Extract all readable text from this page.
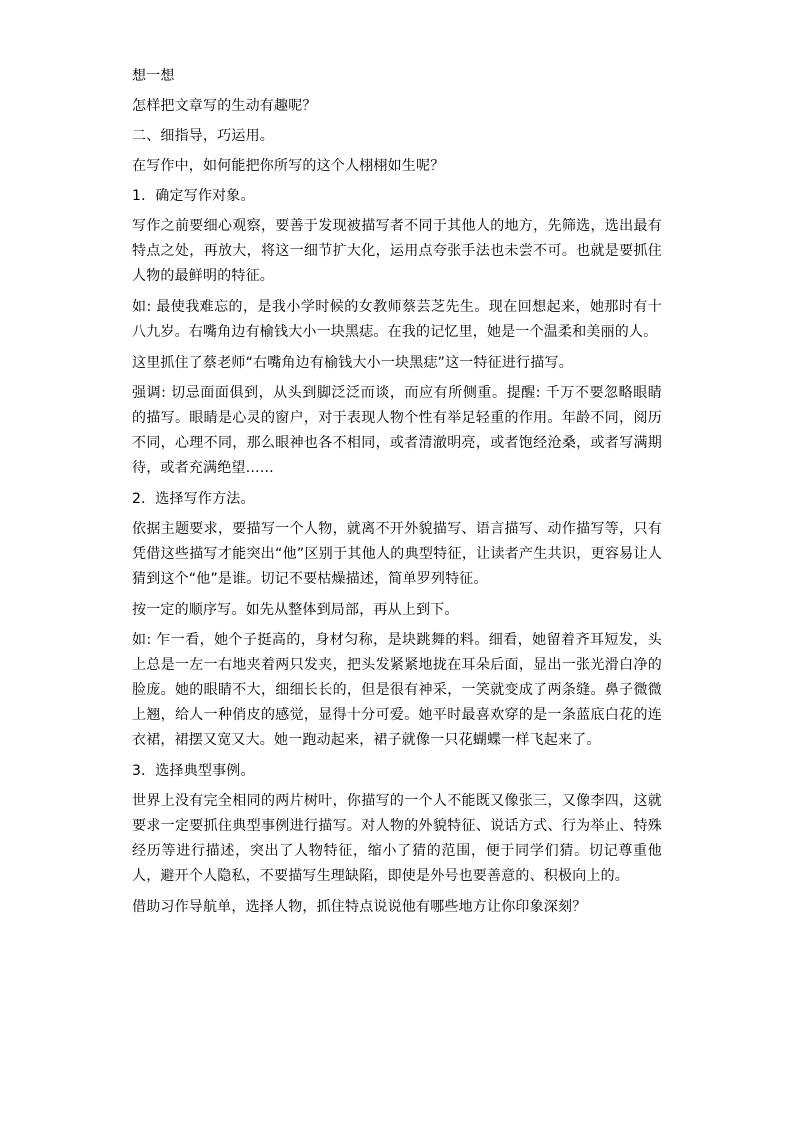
想一想

怎样把文章写的生动有趣呢？

二、细指导，巧运用。

在写作中，如何能把你所写的这个人栩栩如生呢？

1．确定写作对象。

写作之前要细心观察，要善于发现被描写者不同于其他人的地方，先筛选，选出最有特点之处，再放大，将这一细节扩大化，运用点夸张手法也未尝不可。也就是要抓住人物的最鲜明的特征。

如: 最使我难忘的，是我小学时候的女教师蔡芸芝先生。现在回想起来，她那时有十八九岁。右嘴角边有榆钱大小一块黑痣。在我的记忆里，她是一个温柔和美丽的人。

这里抓住了蔡老师“右嘴角边有榆钱大小一块黑痣”这一特征进行描写。

强调: 切忌面面俱到，从头到脚泛泛而谈，而应有所侧重。提醒: 千万不要忽略眼睛的描写。眼睛是心灵的窗户，对于表现人物个性有举足轻重的作用。年龄不同，阅历不同，心理不同，那么眼神也各不相同，或者清澈明亮，或者饱经沧桑，或者写满期待，或者充满绝望……

2．选择写作方法。

依据主题要求，要描写一个人物，就离不开外貌描写、语言描写、动作描写等，只有凭借这些描写才能突出“他”区别于其他人的典型特征，让读者产生共识，更容易让人猜到这个“他”是谁。切记不要枯燥描述，简单罗列特征。

按一定的顺序写。如先从整体到局部，再从上到下。

如: 乍一看，她个子挺高的，身材匀称，是块跳舞的料。细看，她留着齐耳短发，头上总是一左一右地夹着两只发夹，把头发紧紧地拢在耳朵后面，显出一张光滑白净的脸庞。她的眼睛不大，细细长长的，但是很有神采，一笑就变成了两条缝。鼻子微微上翘，给人一种俏皮的感觉，显得十分可爱。她平时最喜欢穿的是一条蓝底白花的连衣裙，裙摆又宽又大。她一跑动起来，裙子就像一只花蝴蝶一样飞起来了。

3．选择典型事例。

世界上没有完全相同的两片树叶，你描写的一个人不能既又像张三，又像李四，这就要求一定要抓住典型事例进行描写。对人物的外貌特征、说话方式、行为举止、特殊经历等进行描述，突出了人物特征，缩小了猜的范围，便于同学们猜。切记尊重他人，避开个人隐私，不要描写生理缺陷，即使是外号也要善意的、积极向上的。

借助习作导航单，选择人物，抓住特点说说他有哪些地方让你印象深刻？
